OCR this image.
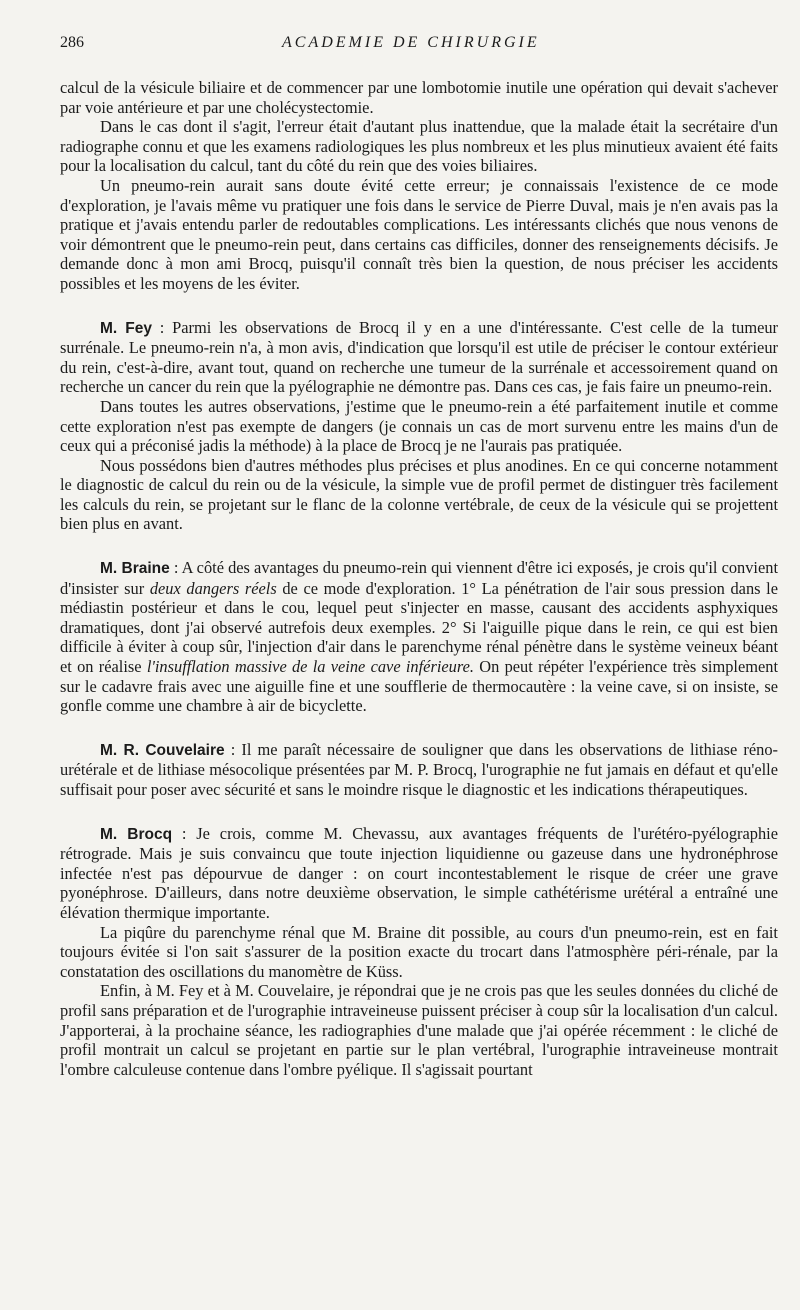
286	ACADEMIE DE CHIRURGIE

calcul de la vésicule biliaire et de commencer par une lombotomie inutile une opération qui devait s'achever par voie antérieure et par une cholécystectomie.

Dans le cas dont il s'agit, l'erreur était d'autant plus inattendue, que la malade était la secrétaire d'un radiographe connu et que les examens radiologiques les plus nombreux et les plus minutieux avaient été faits pour la localisation du calcul, tant du côté du rein que des voies biliaires.

Un pneumo-rein aurait sans doute évité cette erreur; je connaissais l'existence de ce mode d'exploration, je l'avais même vu pratiquer une fois dans le service de Pierre Duval, mais je n'en avais pas la pratique et j'avais entendu parler de redoutables complications. Les intéressants clichés que nous venons de voir démontrent que le pneumo-rein peut, dans certains cas difficiles, donner des renseignements décisifs. Je demande donc à mon ami Brocq, puisqu'il connaît très bien la question, de nous préciser les accidents possibles et les moyens de les éviter.

M. Fey : Parmi les observations de Brocq il y en a une d'intéressante. C'est celle de la tumeur surrénale. Le pneumo-rein n'a, à mon avis, d'indication que lorsqu'il est utile de préciser le contour extérieur du rein, c'est-à-dire, avant tout, quand on recherche une tumeur de la surrénale et accessoirement quand on recherche un cancer du rein que la pyélographie ne démontre pas. Dans ces cas, je fais faire un pneumo-rein.

Dans toutes les autres observations, j'estime que le pneumo-rein a été parfaitement inutile et comme cette exploration n'est pas exempte de dangers (je connais un cas de mort survenu entre les mains d'un de ceux qui a préconisé jadis la méthode) à la place de Brocq je ne l'aurais pas pratiquée.

Nous possédons bien d'autres méthodes plus précises et plus anodines. En ce qui concerne notamment le diagnostic de calcul du rein ou de la vésicule, la simple vue de profil permet de distinguer très facilement les calculs du rein, se projetant sur le flanc de la colonne vertébrale, de ceux de la vésicule qui se projettent bien plus en avant.

M. Braine : A côté des avantages du pneumo-rein qui viennent d'être ici exposés, je crois qu'il convient d'insister sur deux dangers réels de ce mode d'exploration. 1° La pénétration de l'air sous pression dans le médiastin postérieur et dans le cou, lequel peut s'injecter en masse, causant des accidents asphyxiques dramatiques, dont j'ai observé autrefois deux exemples. 2° Si l'aiguille pique dans le rein, ce qui est bien difficile à éviter à coup sûr, l'injection d'air dans le parenchyme rénal pénètre dans le système veineux béant et on réalise l'insufflation massive de la veine cave inférieure. On peut répéter l'expérience très simplement sur le cadavre frais avec une aiguille fine et une soufflerie de thermocautère : la veine cave, si on insiste, se gonfle comme une chambre à air de bicyclette.

M. R. Couvelaire : Il me paraît nécessaire de souligner que dans les observations de lithiase réno-urétérale et de lithiase mésocolique présentées par M. P. Brocq, l'urographie ne fut jamais en défaut et qu'elle suffisait pour poser avec sécurité et sans le moindre risque le diagnostic et les indications thérapeutiques.

M. Brocq : Je crois, comme M. Chevassu, aux avantages fréquents de l'urétéro-pyélographie rétrograde. Mais je suis convaincu que toute injection liquidienne ou gazeuse dans une hydronéphrose infectée n'est pas dépourvue de danger : on court incontestablement le risque de créer une grave pyonéphrose. D'ailleurs, dans notre deuxième observation, le simple cathétérisme urétéral a entraîné une élévation thermique importante.

La piqûre du parenchyme rénal que M. Braine dit possible, au cours d'un pneumo-rein, est en fait toujours évitée si l'on sait s'assurer de la position exacte du trocart dans l'atmosphère péri-rénale, par la constatation des oscillations du manomètre de Küss.

Enfin, à M. Fey et à M. Couvelaire, je répondrai que je ne crois pas que les seules données du cliché de profil sans préparation et de l'urographie intraveineuse puissent préciser à coup sûr la localisation d'un calcul. J'apporterai, à la prochaine séance, les radiographies d'une malade que j'ai opérée récemment : le cliché de profil montrait un calcul se projetant en partie sur le plan vertébral, l'urographie intraveineuse montrait l'ombre calculeuse contenue dans l'ombre pyélique. Il s'agissait pourtant
